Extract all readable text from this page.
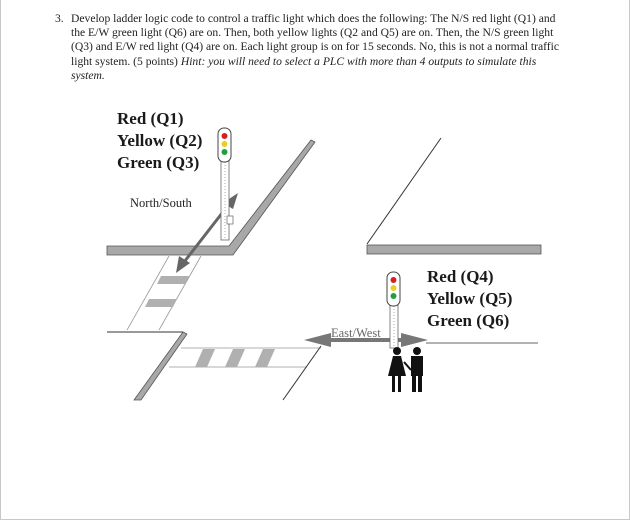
3. Develop ladder logic code to control a traffic light which does the following: The N/S red light (Q1) and the E/W green light (Q6) are on. Then, both yellow lights (Q2 and Q5) are on. Then, the N/S green light (Q3) and E/W red light (Q4) are on. Each light group is on for 15 seconds. No, this is not a normal traffic light system. (5 points) Hint: you will need to select a PLC with more than 4 outputs to simulate this system.
Red (Q1)
Yellow (Q2)
Green (Q3)
North/South
Red (Q4)
Yellow (Q5)
Green (Q6)
East/West
